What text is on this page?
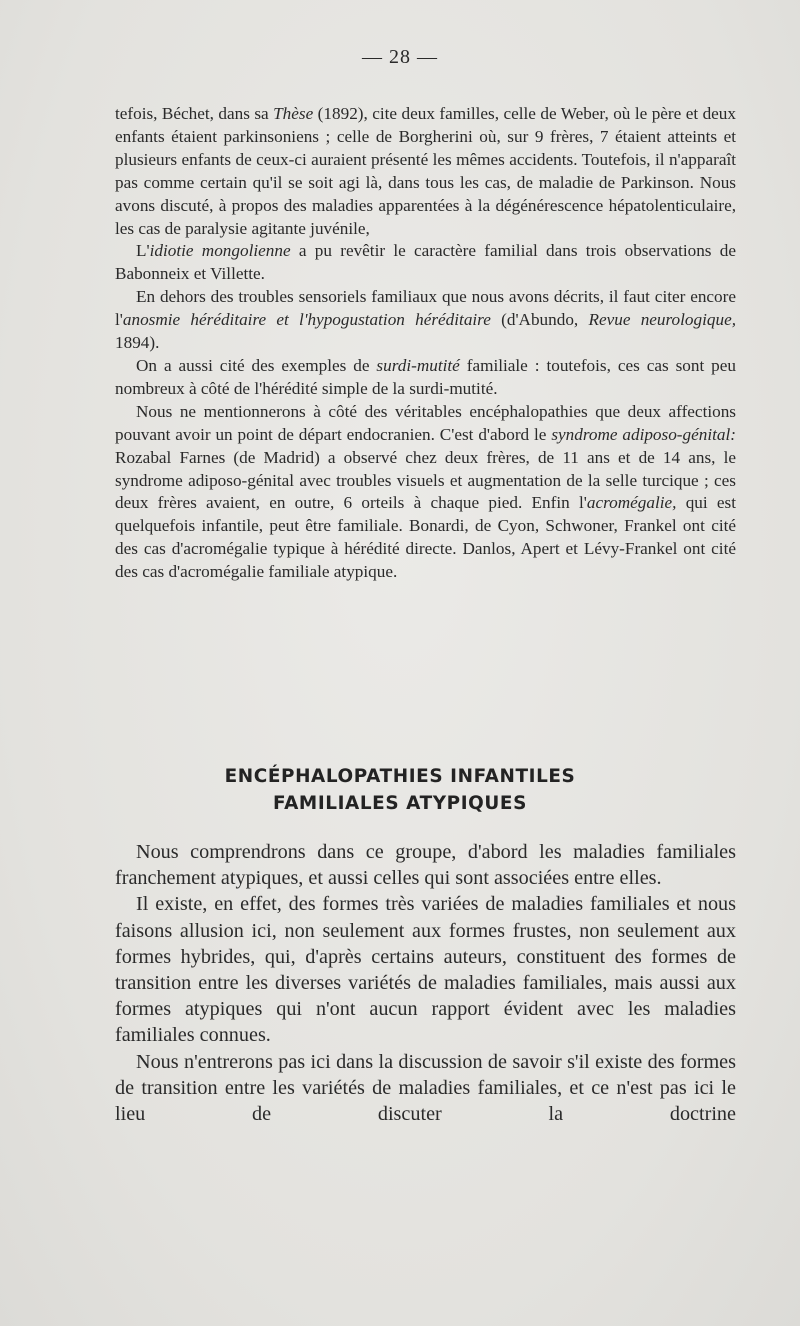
— 28 —

tefois, Béchet, dans sa Thèse (1892), cite deux familles, celle de Weber, où le père et deux enfants étaient parkinsoniens ; celle de Borgherini où, sur 9 frères, 7 étaient atteints et plusieurs enfants de ceux-ci auraient présenté les mêmes accidents. Toutefois, il n'apparaît pas comme certain qu'il se soit agi là, dans tous les cas, de maladie de Parkinson. Nous avons discuté, à propos des maladies apparentées à la dégénérescence hépatolenticulaire, les cas de paralysie agitante juvénile,

L'idiotie mongolienne a pu revêtir le caractère familial dans trois observations de Babonneix et Villette.

En dehors des troubles sensoriels familiaux que nous avons décrits, il faut citer encore l'anosmie héréditaire et l'hypogustation héréditaire (d'Abundo, Revue neurologique, 1894).

On a aussi cité des exemples de surdi-mutité familiale : toutefois, ces cas sont peu nombreux à côté de l'hérédité simple de la surdi-mutité.

Nous ne mentionnerons à côté des véritables encéphalopathies que deux affections pouvant avoir un point de départ endocranien. C'est d'abord le syndrome adiposo-génital: Rozabal Farnes (de Madrid) a observé chez deux frères, de 11 ans et de 14 ans, le syndrome adiposo-génital avec troubles visuels et augmentation de la selle turcique ; ces deux frères avaient, en outre, 6 orteils à chaque pied. Enfin l'acromégalie, qui est quelquefois infantile, peut être familiale. Bonardi, de Cyon, Schwoner, Frankel ont cité des cas d'acromégalie typique à hérédité directe. Danlos, Apert et Lévy-Frankel ont cité des cas d'acromégalie familiale atypique.

ENCÉPHALOPATHIES INFANTILES
FAMILIALES ATYPIQUES

Nous comprendrons dans ce groupe, d'abord les maladies familiales franchement atypiques, et aussi celles qui sont associées entre elles.

Il existe, en effet, des formes très variées de maladies familiales et nous faisons allusion ici, non seulement aux formes frustes, non seulement aux formes hybrides, qui, d'après certains auteurs, constituent des formes de transition entre les diverses variétés de maladies familiales, mais aussi aux formes atypiques qui n'ont aucun rapport évident avec les maladies familiales connues.

Nous n'entrerons pas ici dans la discussion de savoir s'il existe des formes de transition entre les variétés de maladies familiales, et ce n'est pas ici le lieu de discuter la doctrine
